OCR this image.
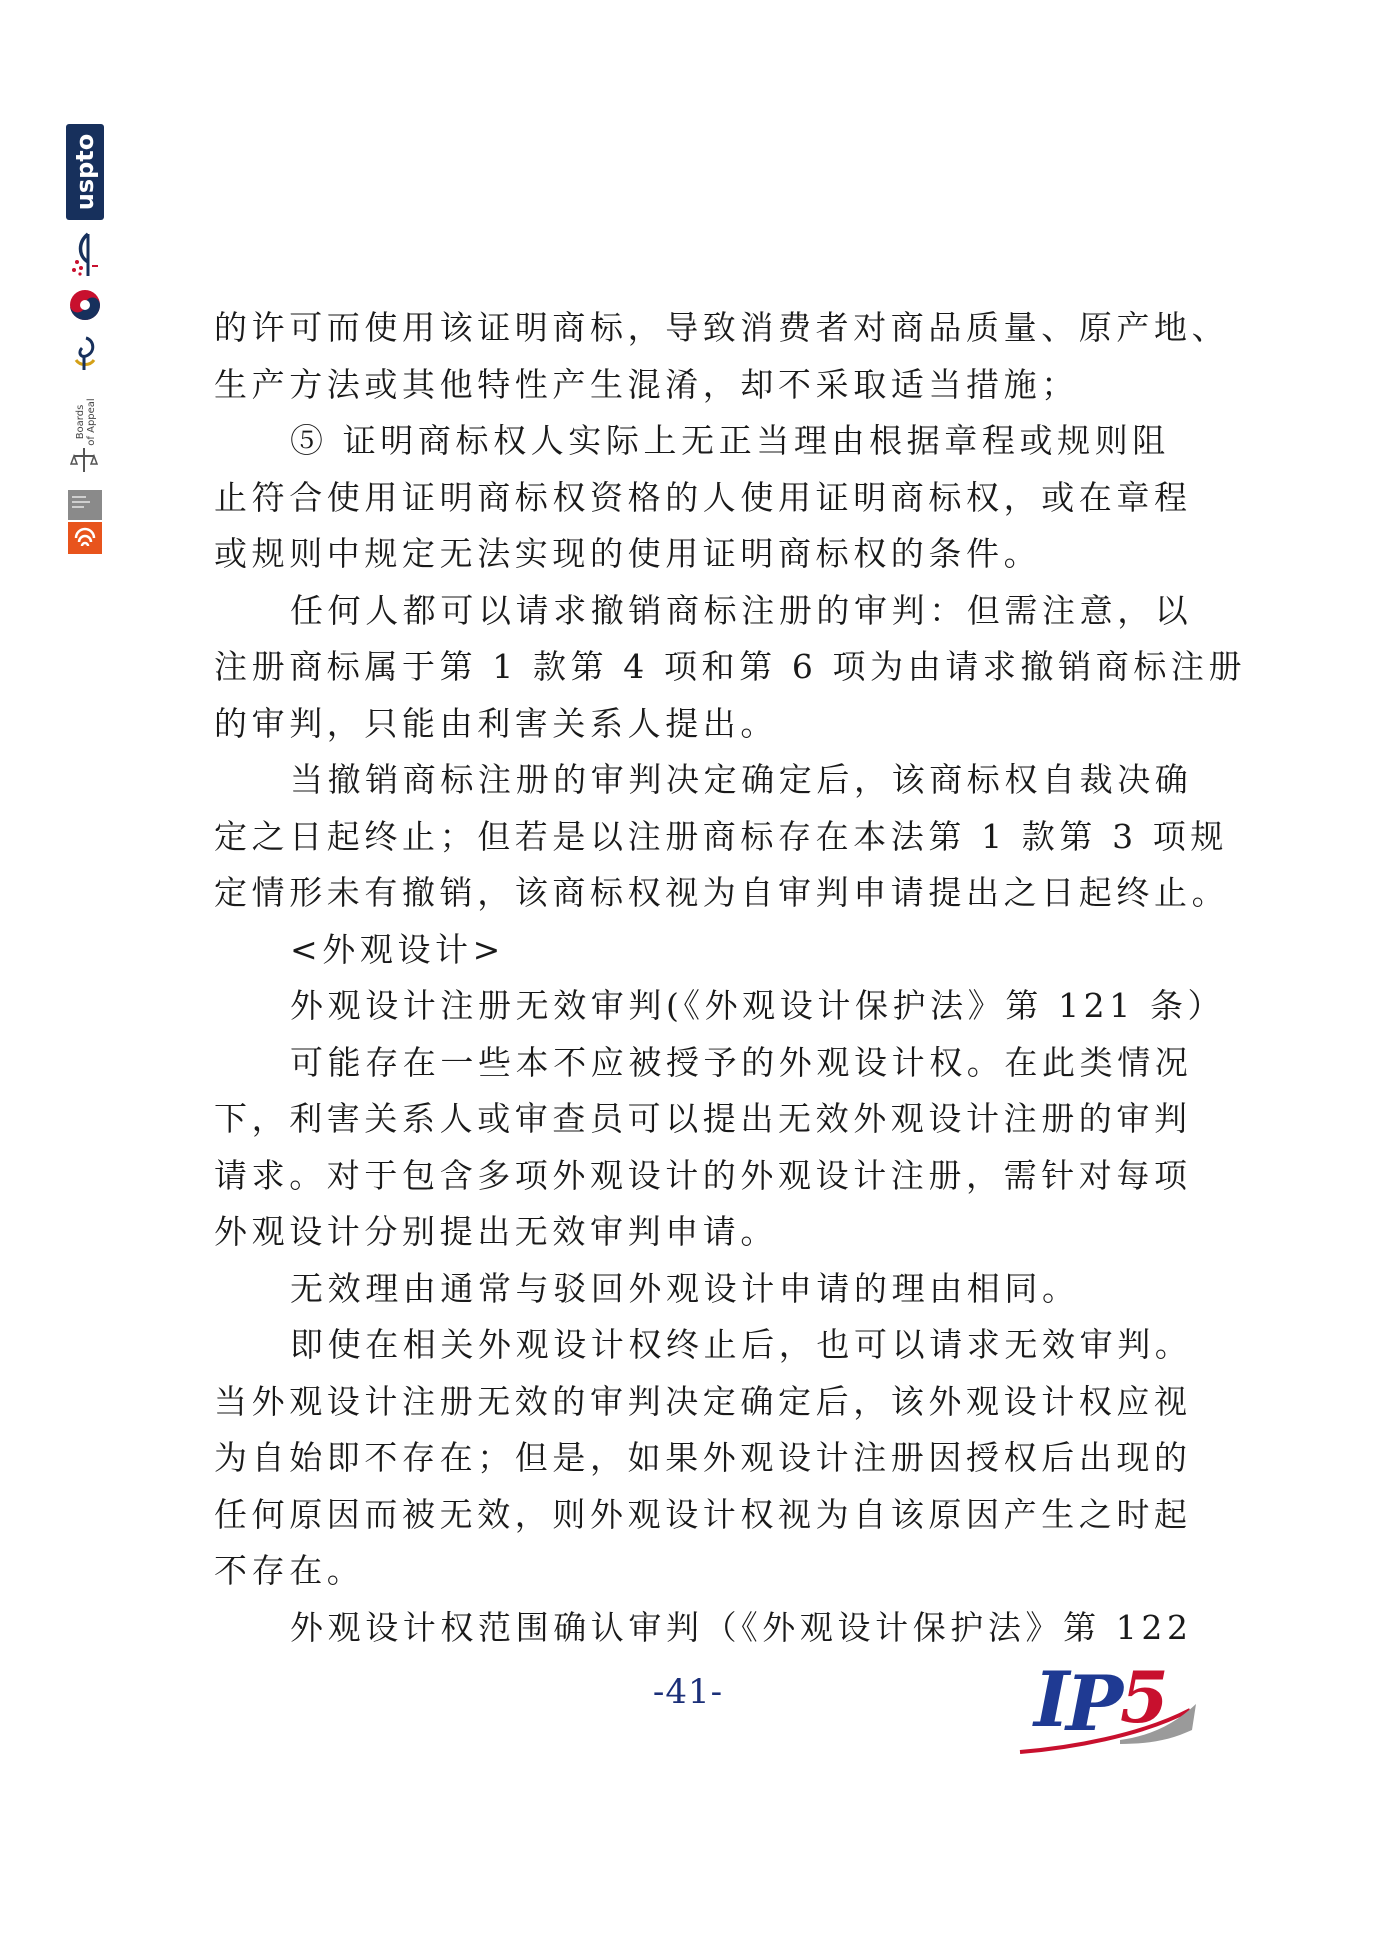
uspto
Boards of Appeal
的许可而使用该证明商标，导致消费者对商品质量、原产地、
生产方法或其他特性产生混淆，却不采取适当措施；
⑤ 证明商标权人实际上无正当理由根据章程或规则阻
止符合使用证明商标权资格的人使用证明商标权，或在章程
或规则中规定无法实现的使用证明商标权的条件。
任何人都可以请求撤销商标注册的审判：但需注意，以
注册商标属于第 1 款第 4 项和第 6 项为由请求撤销商标注册
的审判，只能由利害关系人提出。
当撤销商标注册的审判决定确定后，该商标权自裁决确
定之日起终止；但若是以注册商标存在本法第 1 款第 3 项规
定情形未有撤销，该商标权视为自审判申请提出之日起终止。
<外观设计>
外观设计注册无效审判(《外观设计保护法》第 121 条）
可能存在一些本不应被授予的外观设计权。在此类情况
下，利害关系人或审查员可以提出无效外观设计注册的审判
请求。对于包含多项外观设计的外观设计注册，需针对每项
外观设计分别提出无效审判申请。
无效理由通常与驳回外观设计申请的理由相同。
即使在相关外观设计权终止后，也可以请求无效审判。
当外观设计注册无效的审判决定确定后，该外观设计权应视
为自始即不存在；但是，如果外观设计注册因授权后出现的
任何原因而被无效，则外观设计权视为自该原因产生之时起
不存在。
外观设计权范围确认审判（《外观设计保护法》第 122
-41-	I
P
5
